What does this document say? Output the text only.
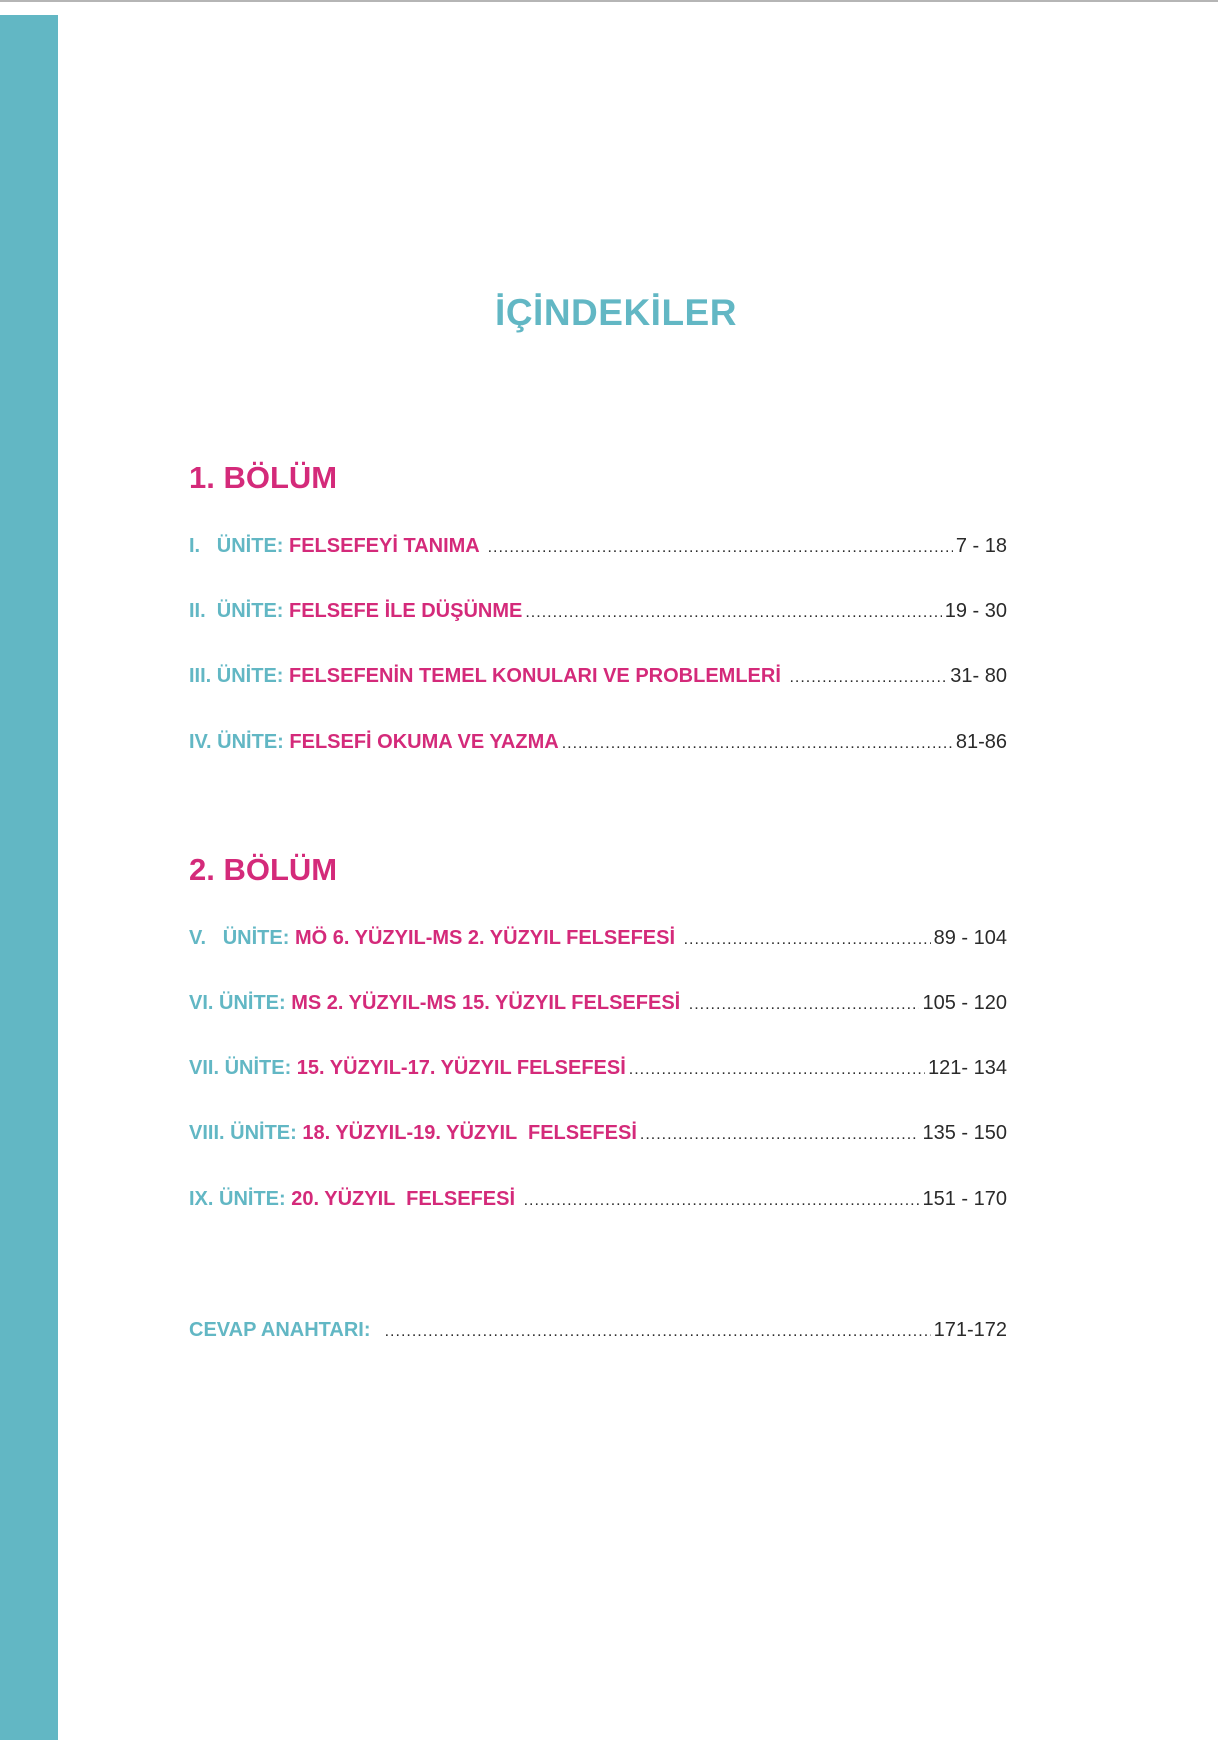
İÇİNDEKİLER
1. BÖLÜM
I.   ÜNİTE: FELSEFEYİ TANIMA .....	7 - 18
II.  ÜNİTE: FELSEFE İLE DÜŞÜNME .....	19 - 30
III. ÜNİTE: FELSEFENİN TEMEL KONULARI VE PROBLEMLERİ .....	31- 80
IV. ÜNİTE: FELSEFİ OKUMA VE YAZMA .....	81-86
2. BÖLÜM
V.   ÜNİTE: MÖ 6. YÜZYIL-MS 2. YÜZYIL FELSEFESİ .....	89 - 104
VI. ÜNİTE: MS 2. YÜZYIL-MS 15. YÜZYIL FELSEFESİ .....	105 - 120
VII. ÜNİTE: 15. YÜZYIL-17. YÜZYIL FELSEFESİ .....	121- 134
VIII. ÜNİTE: 18. YÜZYIL-19. YÜZYIL  FELSEFESİ .....	135 - 150
IX. ÜNİTE: 20. YÜZYIL  FELSEFESİ .....	151 - 170
CEVAP ANAHTARI: .....	171-172
